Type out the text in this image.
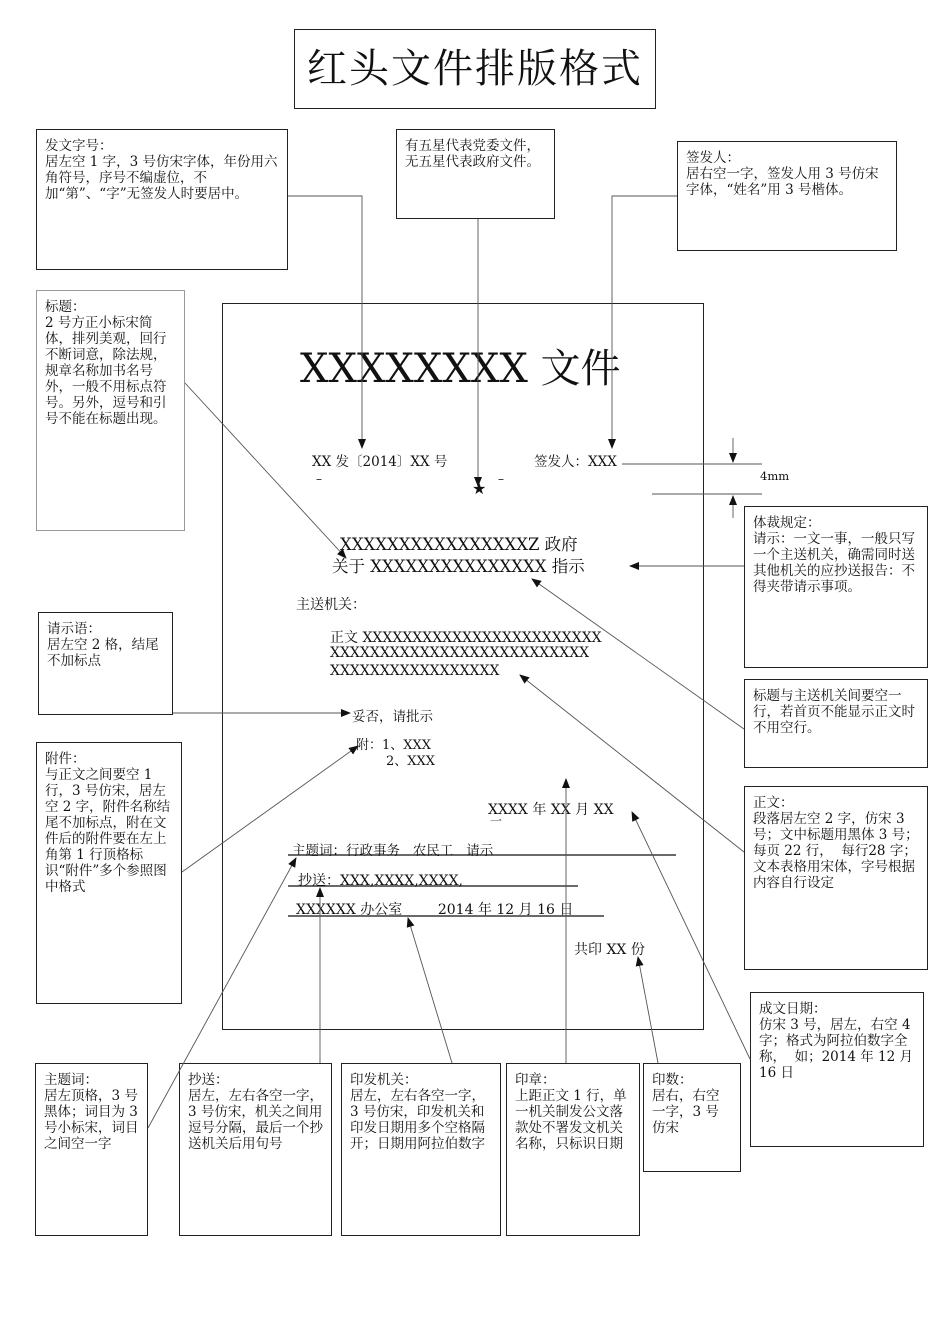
红头文件排版格式
发文字号：
居左空 1 字，3 号仿宋字体，年份用六角符号，序号不编虚位，不加“第”、“字”无签发人时要居中。
有五星代表党委文件，无五星代表政府文件。	签发人：
居右空一字，签发人用 3 号仿宋字体，“姓名”用 3 号楷体。
标题：
2 号方正小标宋简体，排列美观，回行不断词意，除法规，规章名称加书名号外，一般不用标点符号。另外，逗号和引号不能在标题出现。
体裁规定：
请示：一文一事，一般只写一个主送机关，确需同时送其他机关的应抄送报告：不得夹带请示事项。
请示语：
居左空 2 格，结尾不加标点
标题与主送机关间要空一行，若首页不能显示正文时不用空行。
附件：
与正文之间要空 1 行，3 号仿宋，居左空 2 字，附件名称结尾不加标点，附在文件后的附件要在左上角第 1 行顶格标识“附件”多个参照图中格式
正文：
段落居左空 2 字，仿宋 3 号；文中标题用黑体 3 号；  每页 22 行，  每行28 字；文本表格用宋体，字号根据内容自行设定
成文日期：
仿宋 3 号，居左，右空 4 字；格式为阿拉伯数字全称，  如；2014 年 12 月 16 日
主题词：
居左顶格，3 号黑体；词目为 3 号小标宋，词目之间空一字
抄送：
居左，左右各空一字，3 号仿宋，机关之间用逗号分隔，最后一个抄送机关后用句号
印发机关：
居左，左右各空一字，3 号仿宋，印发机关和印发日期用多个空格隔开；日期用阿拉伯数字
印章：
上距正文 1 行，单一机关制发公文落款处不署发文机关名称，只标识日期
印数：
居右，右空一字，3 号仿宋
XXXXXXXX 文件
XX 发〔2014〕XX 号	签发人：XXX
–	★ –	4mm
XXXXXXXXXXXXXXXXZ 政府
关于 XXXXXXXXXXXXXXX 指示
主送机关：
正文 XXXXXXXXXXXXXXXXXXXXXXXX
XXXXXXXXXXXXXXXXXXXXXXXXXX
XXXXXXXXXXXXXXXXX
妥否，请批示
附：1、XXX
2、XXX
XXXX 年 XX 月 XX
一
主题词：行政事务   农民工   请示
抄送：XXX,XXXX,XXXX,
XXXXXX 办公室        2014 年 12 月 16 日
共印 XX 份
